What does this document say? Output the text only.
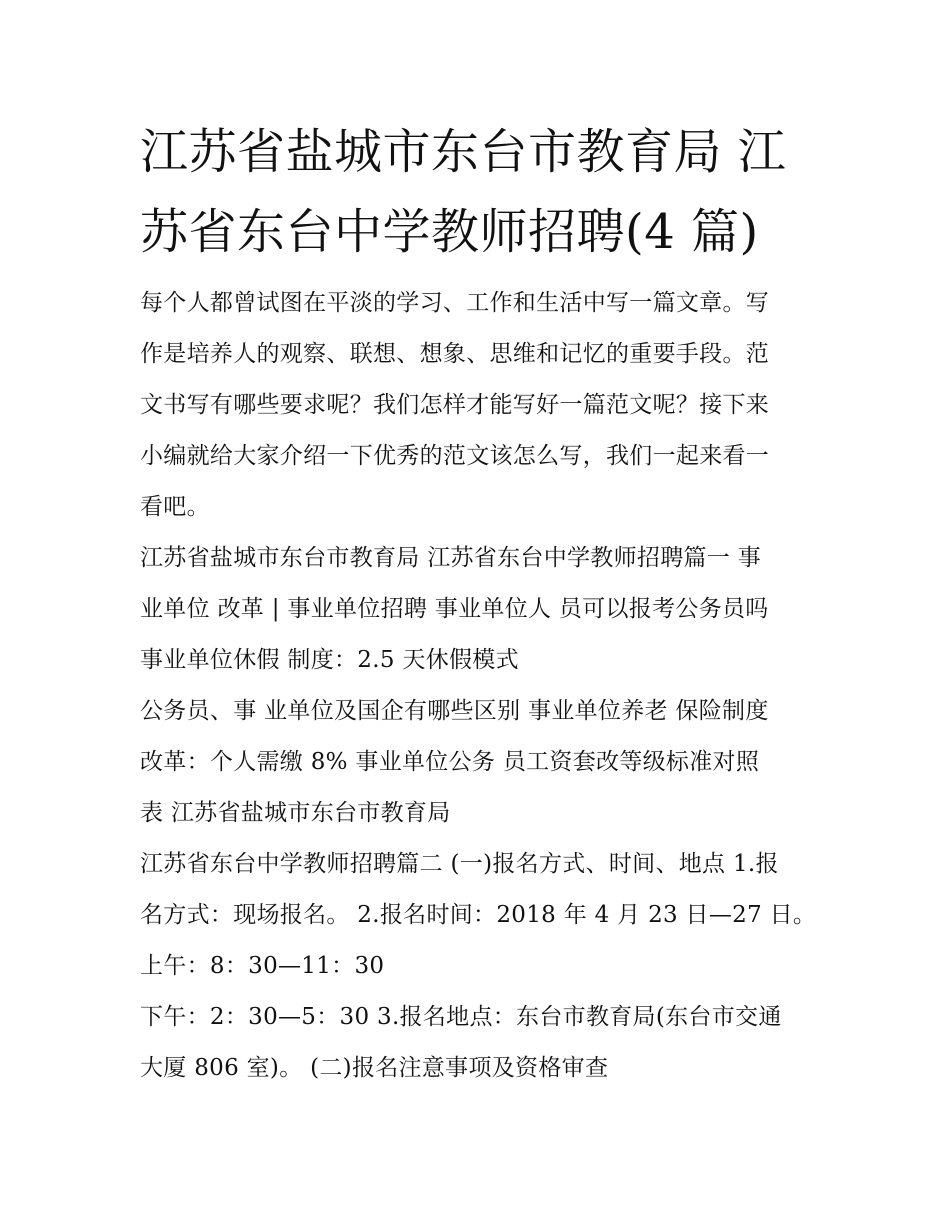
江苏省盐城市东台市教育局 江
苏省东台中学教师招聘(4 篇)

每个人都曾试图在平淡的学习、工作和生活中写一篇文章。写
作是培养人的观察、联想、想象、思维和记忆的重要手段。范
文书写有哪些要求呢？我们怎样才能写好一篇范文呢？接下来
小编就给大家介绍一下优秀的范文该怎么写，我们一起来看一
看吧。

江苏省盐城市东台市教育局 江苏省东台中学教师招聘篇一 事
业单位 改革 | 事业单位招聘 事业单位人 员可以报考公务员吗
事业单位休假 制度：2.5 天休假模式

公务员、事 业单位及国企有哪些区别 事业单位养老 保险制度
改革：个人需缴 8% 事业单位公务 员工资套改等级标准对照
表 江苏省盐城市东台市教育局

江苏省东台中学教师招聘篇二 (一)报名方式、时间、地点 1.报
名方式：现场报名。 2.报名时间：2018 年 4 月 23 日—27 日。

上午：8：30—11：30

下午：2：30—5：30 3.报名地点：东台市教育局(东台市交通
大厦 806 室)。 (二)报名注意事项及资格审查
